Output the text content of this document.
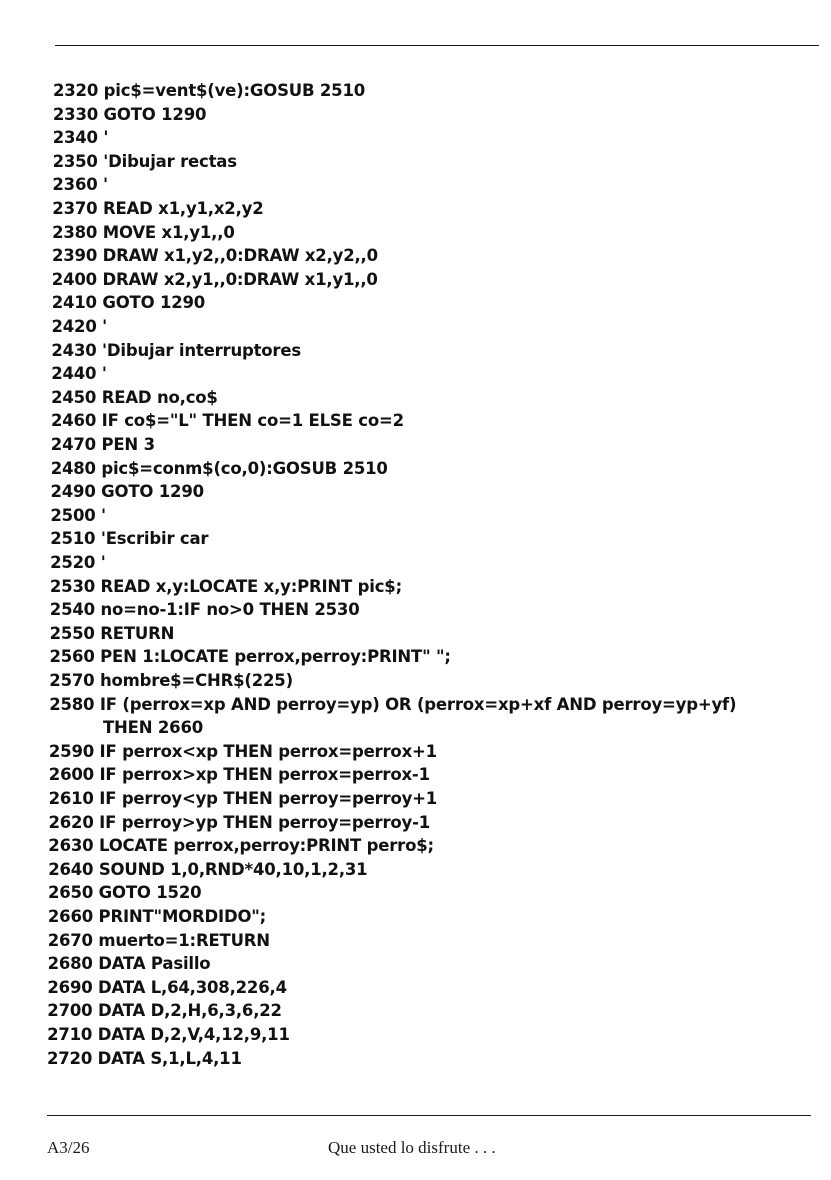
2320 pic$=vent$(ve):GOSUB 2510
2330 GOTO 1290
2340 '
2350 'Dibujar rectas
2360 '
2370 READ x1,y1,x2,y2
2380 MOVE x1,y1,,0
2390 DRAW x1,y2,,0:DRAW x2,y2,,0
2400 DRAW x2,y1,,0:DRAW x1,y1,,0
2410 GOTO 1290
2420 '
2430 'Dibujar interruptores
2440 '
2450 READ no,co$
2460 IF co$="L" THEN co=1 ELSE co=2
2470 PEN 3
2480 pic$=conm$(co,0):GOSUB 2510
2490 GOTO 1290
2500 '
2510 'Escribir car
2520 '
2530 READ x,y:LOCATE x,y:PRINT pic$;
2540 no=no-1:IF no>0 THEN 2530
2550 RETURN
2560 PEN 1:LOCATE perrox,perroy:PRINT" ";
2570 hombre$=CHR$(225)
2580 IF (perrox=xp AND perroy=yp) OR (perrox=xp+xf AND perroy=yp+yf)
THEN 2660
2590 IF perrox<xp THEN perrox=perrox+1
2600 IF perrox>xp THEN perrox=perrox-1
2610 IF perroy<yp THEN perroy=perroy+1
2620 IF perroy>yp THEN perroy=perroy-1
2630 LOCATE perrox,perroy:PRINT perro$;
2640 SOUND 1,0,RND*40,10,1,2,31
2650 GOTO 1520
2660 PRINT"MORDIDO";
2670 muerto=1:RETURN
2680 DATA Pasillo
2690 DATA L,64,308,226,4
2700 DATA D,2,H,6,3,6,22
2710 DATA D,2,V,4,12,9,11
2720 DATA S,1,L,4,11
A3/26	Que usted lo disfrute . . .
